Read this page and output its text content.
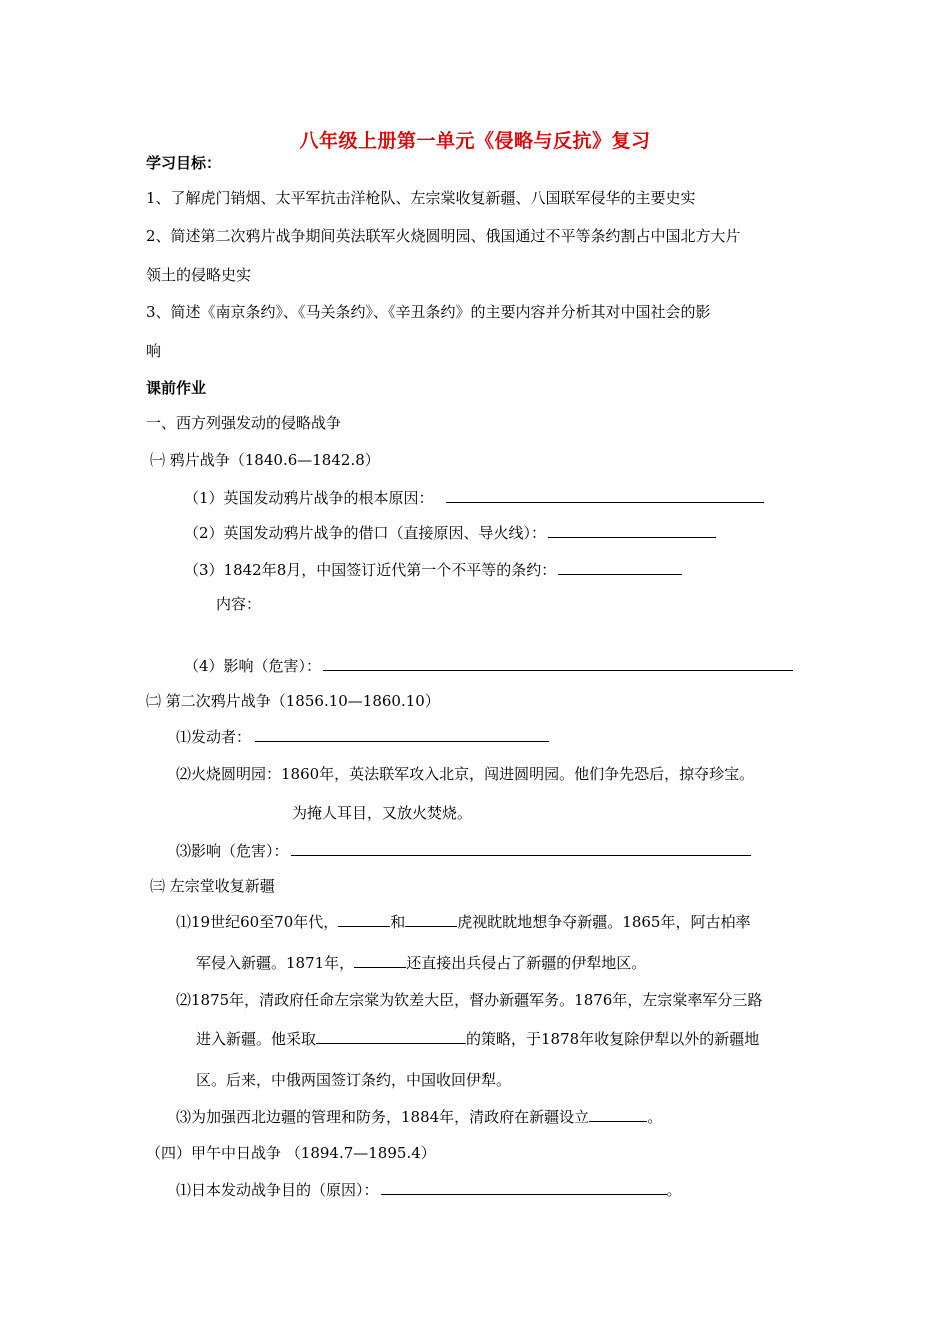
八年级上册第一单元《侵略与反抗》复习
学习目标：
1、了解虎门销烟、太平军抗击洋枪队、左宗棠收复新疆、八国联军侵华的主要史实
2、简述第二次鸦片战争期间英法联军火烧圆明园、俄国通过不平等条约割占中国北方大片
领土的侵略史实
3、简述《南京条约》、《马关条约》、《辛丑条约》的主要内容并分析其对中国社会的影
响
课前作业
一、西方列强发动的侵略战争
㈠ 鸦片战争（1840.6—1842.8）
（1）英国发动鸦片战争的根本原因：
（2）英国发动鸦片战争的借口（直接原因、导火线）：
（3）1842年8月，中国签订近代第一个不平等的条约：
内容：
（4）影响（危害）：
㈡ 第二次鸦片战争（1856.10—1860.10）
⑴发动者：
⑵火烧圆明园：1860年，英法联军攻入北京，闯进圆明园。他们争先恐后，掠夺珍宝。
为掩人耳目，又放火焚烧。
⑶影响（危害）：
㈢ 左宗堂收复新疆
⑴19世纪60至70年代，	和	虎视眈眈地想争夺新疆。1865年，阿古柏率
军侵入新疆。1871年，	还直接出兵侵占了新疆的伊犁地区。
⑵1875年，清政府任命左宗棠为钦差大臣，督办新疆军务。1876年，左宗棠率军分三路
进入新疆。他采取	的策略，于1878年收复除伊犁以外的新疆地
区。后来，中俄两国签订条约，中国收回伊犁。
⑶为加强西北边疆的管理和防务，1884年，清政府在新疆设立	。
（四）甲午中日战争 （1894.7—1895.4）
⑴日本发动战争目的（原因）：	。
